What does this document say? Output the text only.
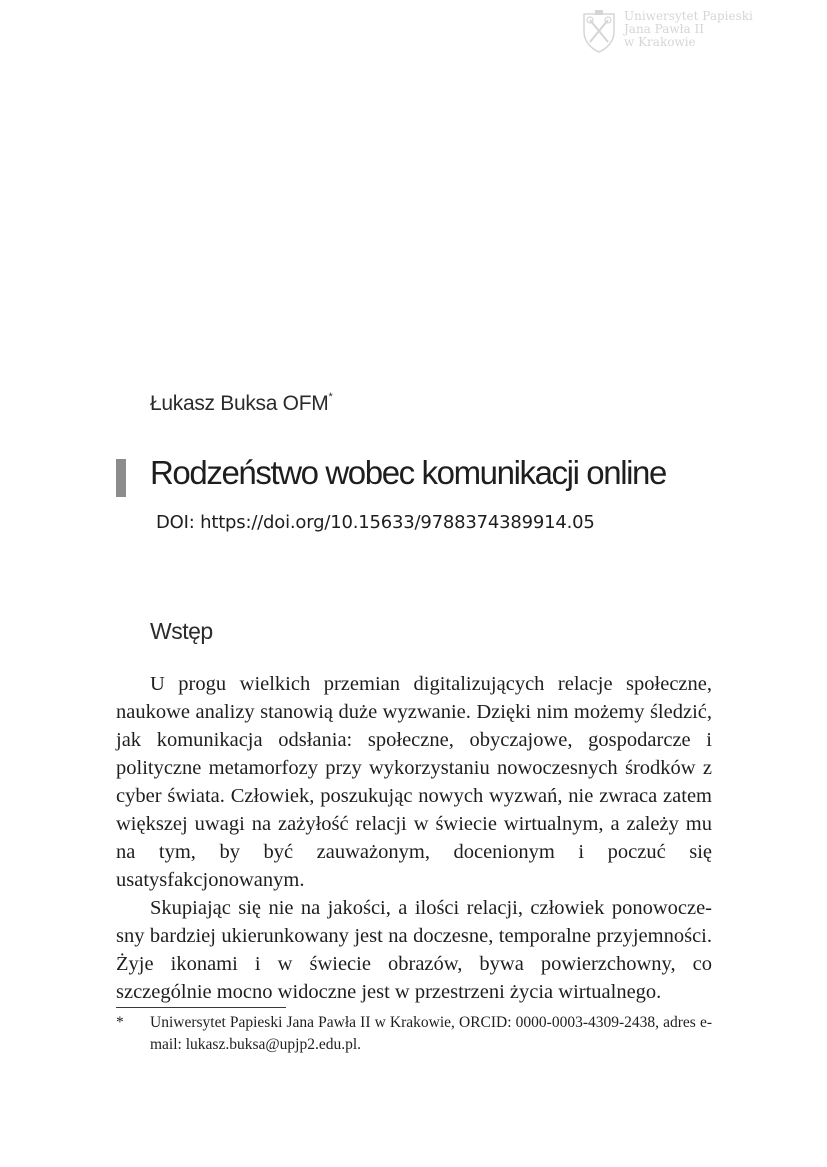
Uniwersytet Papieski
Jana Pawła II
w Krakowie
Łukasz Buksa OFM*
Rodzeństwo wobec komunikacji online
DOI: https://doi.org/10.15633/9788374389914.05
Wstęp

U progu wielkich przemian digitalizujących relacje społeczne, naukowe analizy stanowią duże wyzwanie. Dzięki nim możemy śledzić, jak komunikacja odsłania: społeczne, obyczajowe, gospodarcze i polityczne metamorfozy przy wykorzystaniu nowoczesnych środków z cyber świata. Człowiek, poszukując nowych wyzwań, nie zwraca zatem większej uwagi na zażyłość relacji w świecie wirtualnym, a zależy mu na tym, by być zauważonym, docenionym i poczuć się usatysfakcjonowanym.

Skupiając się nie na jakości, a ilości relacji, człowiek ponowoczesny bardziej ukierunkowany jest na doczesne, temporalne przyjemności. Żyje ikonami i w świecie obrazów, bywa powierzchowny, co szczególnie mocno widoczne jest w przestrzeni życia wirtualnego.

* Uniwersytet Papieski Jana Pawła II w Krakowie, ORCID: 0000-0003-4309-2438, adres e-mail: lukasz.buksa@upjp2.edu.pl.
